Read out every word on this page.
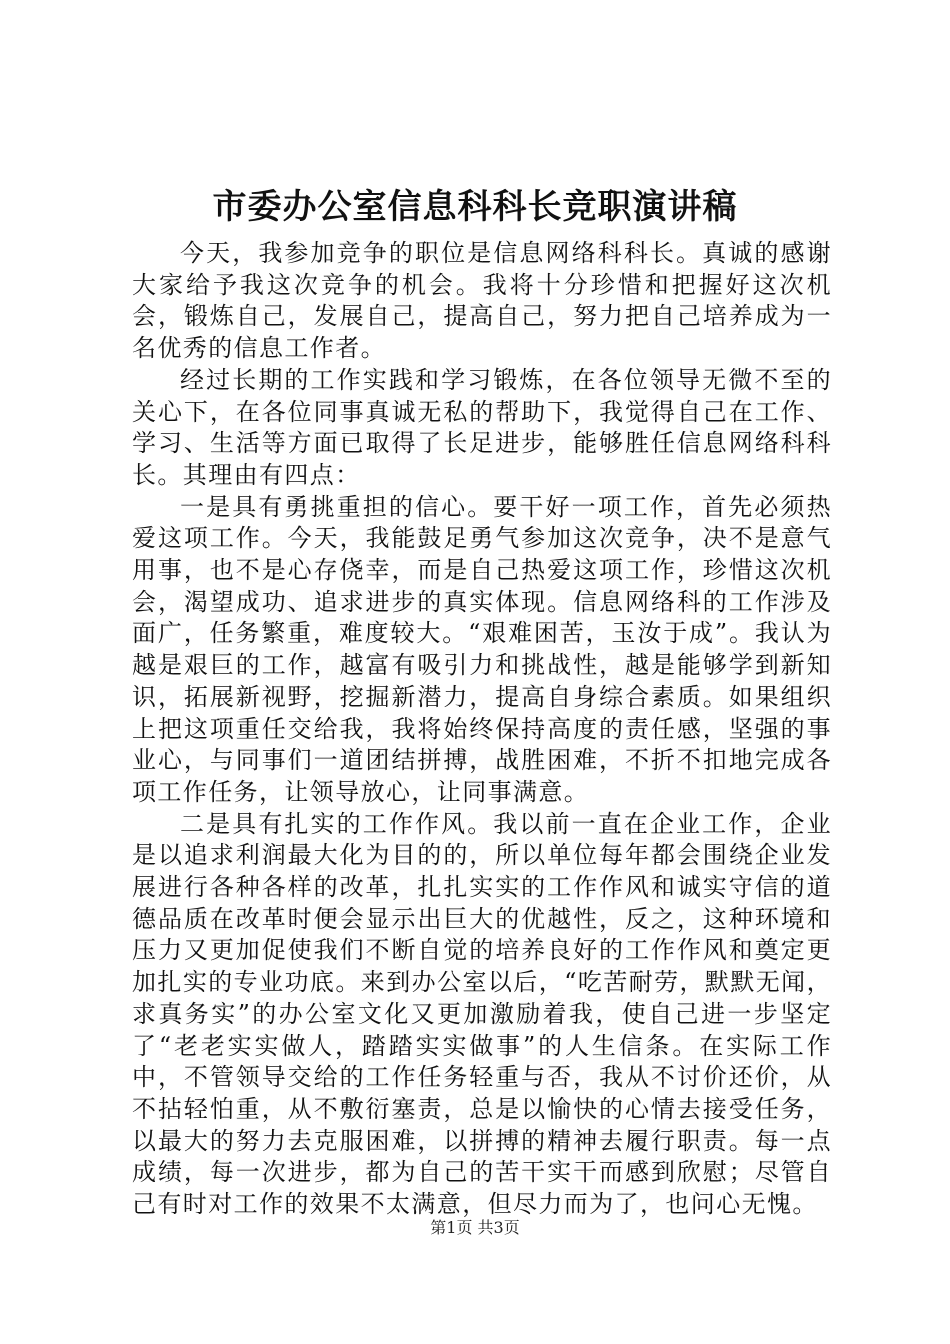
市委办公室信息科科长竞职演讲稿

今天，我参加竞争的职位是信息网络科科长。真诚的感谢大家给予我这次竞争的机会。我将十分珍惜和把握好这次机会，锻炼自己，发展自己，提高自己，努力把自己培养成为一名优秀的信息工作者。

经过长期的工作实践和学习锻炼，在各位领导无微不至的关心下，在各位同事真诚无私的帮助下，我觉得自己在工作、学习、生活等方面已取得了长足进步，能够胜任信息网络科科长。其理由有四点：

一是具有勇挑重担的信心。要干好一项工作，首先必须热爱这项工作。今天，我能鼓足勇气参加这次竞争，决不是意气用事，也不是心存侥幸，而是自己热爱这项工作，珍惜这次机会，渴望成功、追求进步的真实体现。信息网络科的工作涉及面广，任务繁重，难度较大。“艰难困苦，玉汝于成”。我认为越是艰巨的工作，越富有吸引力和挑战性，越是能够学到新知识，拓展新视野，挖掘新潜力，提高自身综合素质。如果组织上把这项重任交给我，我将始终保持高度的责任感，坚强的事业心，与同事们一道团结拼搏，战胜困难，不折不扣地完成各项工作任务，让领导放心，让同事满意。

二是具有扎实的工作作风。我以前一直在企业工作，企业是以追求利润最大化为目的的，所以单位每年都会围绕企业发展进行各种各样的改革，扎扎实实的工作作风和诚实守信的道德品质在改革时便会显示出巨大的优越性，反之，这种环境和压力又更加促使我们不断自觉的培养良好的工作作风和奠定更加扎实的专业功底。来到办公室以后，“吃苦耐劳，默默无闻，求真务实”的办公室文化又更加激励着我，使自己进一步坚定了“老老实实做人，踏踏实实做事”的人生信条。在实际工作中，不管领导交给的工作任务轻重与否，我从不讨价还价，从不拈轻怕重，从不敷衍塞责，总是以愉快的心情去接受任务，以最大的努力去克服困难，以拼搏的精神去履行职责。每一点成绩，每一次进步，都为自己的苦干实干而感到欣慰；尽管自己有时对工作的效果不太满意，但尽力而为了，也问心无愧。

第1页 共3页
